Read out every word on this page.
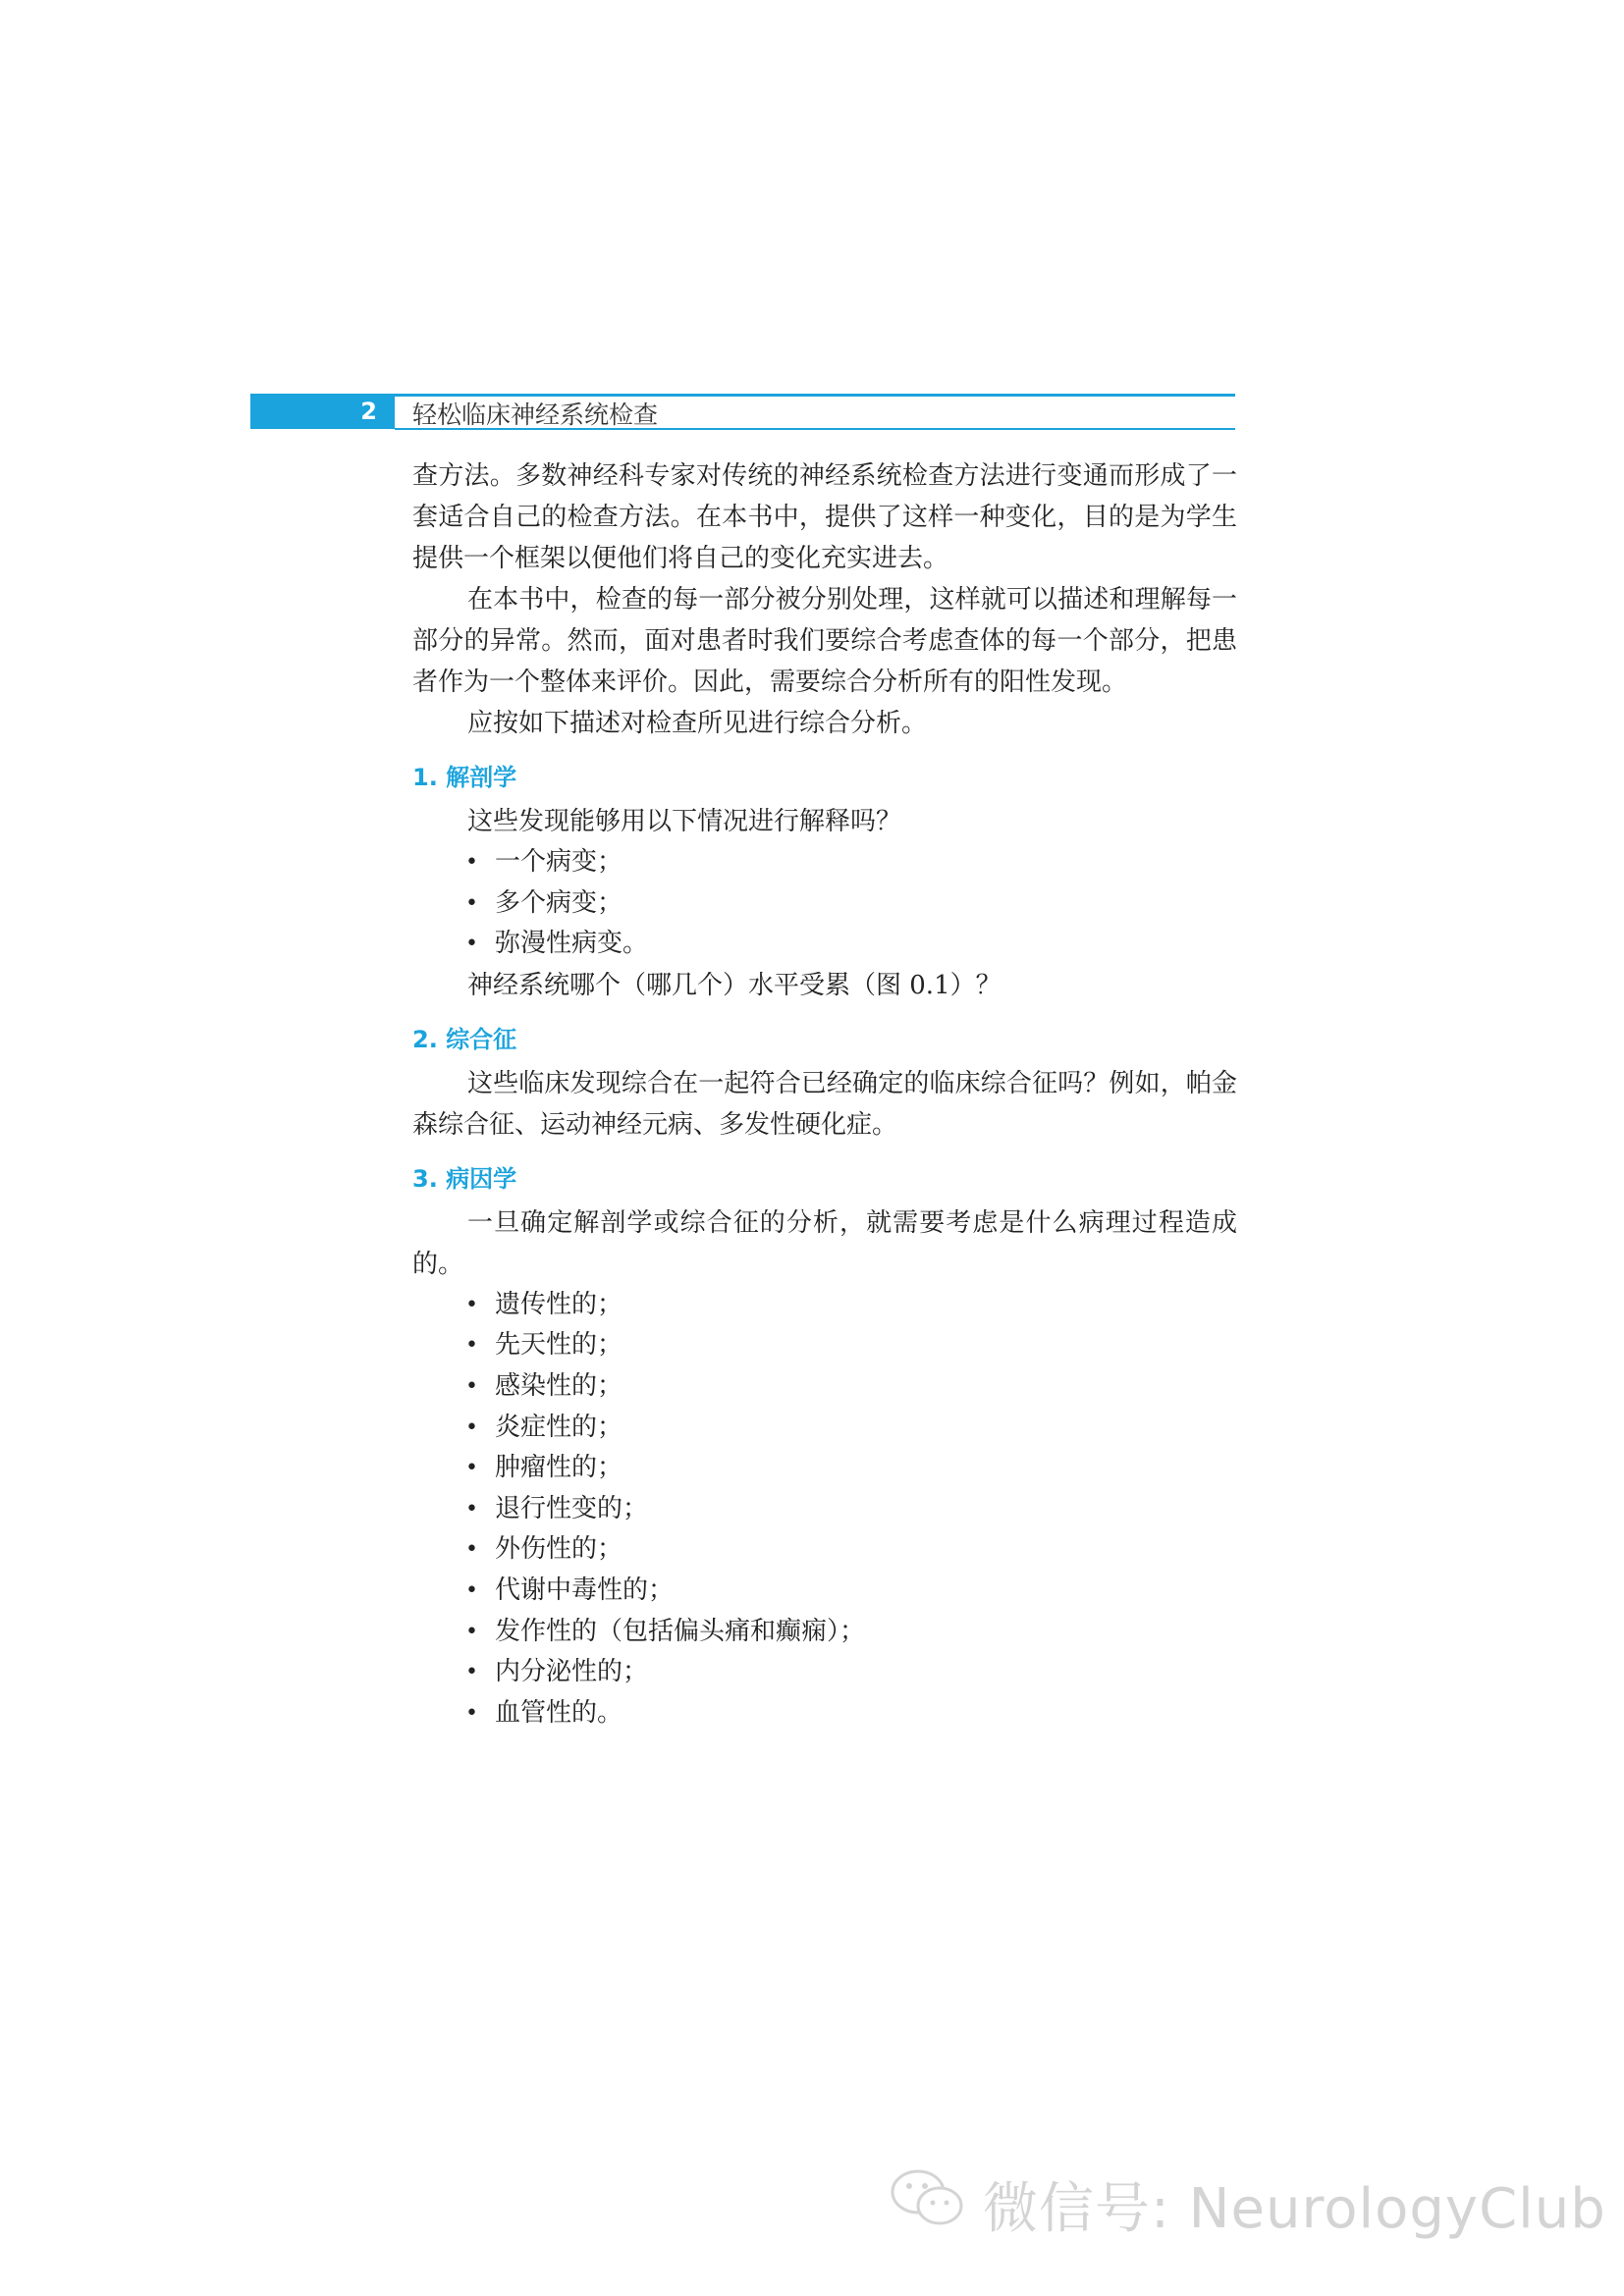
2 轻松临床神经系统检查

查方法。多数神经科专家对传统的神经系统检查方法进行变通而形成了一套适合自己的检查方法。在本书中，提供了这样一种变化，目的是为学生提供一个框架以便他们将自己的变化充实进去。

在本书中，检查的每一部分被分别处理，这样就可以描述和理解每一部分的异常。然而，面对患者时我们要综合考虑查体的每一个部分，把患者作为一个整体来评价。因此，需要综合分析所有的阳性发现。

应按如下描述对检查所见进行综合分析。

1. 解剖学

这些发现能够用以下情况进行解释吗？

• 一个病变；
• 多个病变；
• 弥漫性病变。

神经系统哪个（哪几个）水平受累（图 0.1）？

2. 综合征

这些临床发现综合在一起符合已经确定的临床综合征吗？例如，帕金森综合征、运动神经元病、多发性硬化症。

3. 病因学

一旦确定解剖学或综合征的分析，就需要考虑是什么病理过程造成的。

• 遗传性的；
• 先天性的；
• 感染性的；
• 炎症性的；
• 肿瘤性的；
• 退行性变的；
• 外伤性的；
• 代谢中毒性的；
• 发作性的（包括偏头痛和癫痫）；
• 内分泌性的；
• 血管性的。
微信号: NeurologyClub
